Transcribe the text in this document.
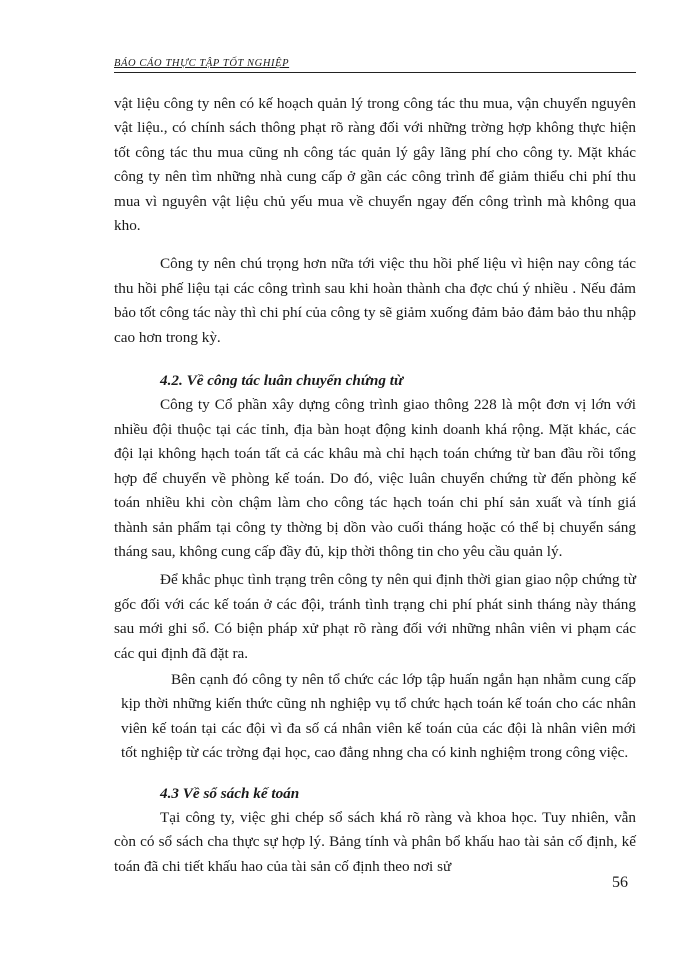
BÁO CÁO THỰC TẬP TỐT NGHIỆP

vật liệu công ty nên có kế hoạch quản lý trong công tác thu mua, vận chuyển nguyên vật liệu., có chính sách thông phạt rõ ràng đối với những trờng hợp không thực hiện tốt công tác thu mua cũng nh công tác quản lý gây lãng phí cho công ty. Mặt khác công ty nên tìm những nhà cung cấp ở gần các công trình để giảm thiểu chi phí thu mua vì nguyên vật liệu chủ yếu mua về chuyển ngay đến công trình mà không qua kho.

Công ty nên chú trọng hơn nữa tới việc thu hồi phế liệu vì hiện nay công tác thu hồi phế liệu tại các công trình sau khi hoàn thành cha đợc chú ý nhiều . Nếu đảm bảo tốt công tác này thì chi phí của công ty sẽ giảm xuống đảm bảo đảm bảo thu nhập cao hơn trong kỳ.

4.2. Về công tác luân chuyển chứng từ

Công ty Cổ phần xây dựng công trình giao thông 228 là một đơn vị lớn với nhiều đội thuộc tại các tỉnh, địa bàn hoạt động kinh doanh khá rộng. Mặt khác, các đội lại không hạch toán tất cả các khâu mà chỉ hạch toán chứng từ ban đầu rồi tổng hợp để chuyển về phòng kế toán. Do đó, việc luân chuyển chứng từ đến phòng kế toán nhiều khi còn chậm làm cho công tác hạch toán chi phí sản xuất và tính giá thành sản phẩm tại công ty thờng bị dồn vào cuối tháng hoặc có thể bị chuyển sáng tháng sau, không cung cấp đầy đủ, kịp thời thông tin cho yêu cầu quản lý.

Để khắc phục tình trạng trên công ty nên qui định thời gian giao nộp chứng từ gốc đối với các kế toán ở các đội, tránh tình trạng chi phí phát sinh tháng này tháng sau mới ghi sổ. Có biện pháp xử phạt rõ ràng đối với những nhân viên vi phạm các các qui định đã đặt ra.

Bên cạnh đó công ty nên tổ chức các lớp tập huấn ngắn hạn nhằm cung cấp kịp thời những kiến thức cũng nh nghiệp vụ tổ chức hạch toán kế toán cho các nhân viên kế toán tại các đội vì đa số cá nhân viên kế toán của các đội là nhân viên mới tốt nghiệp từ các trờng đại học, cao đẳng nhng cha có kinh nghiệm trong công việc.

4.3 Về sổ sách kế toán

Tại công ty, việc ghi chép sổ sách khá rõ ràng và khoa học. Tuy nhiên, vẫn còn có sổ sách cha thực sự hợp lý. Bảng tính và phân bổ khấu hao tài sản cố định, kế toán đã chi tiết khấu hao của tài sản cố định theo nơi sử

56
